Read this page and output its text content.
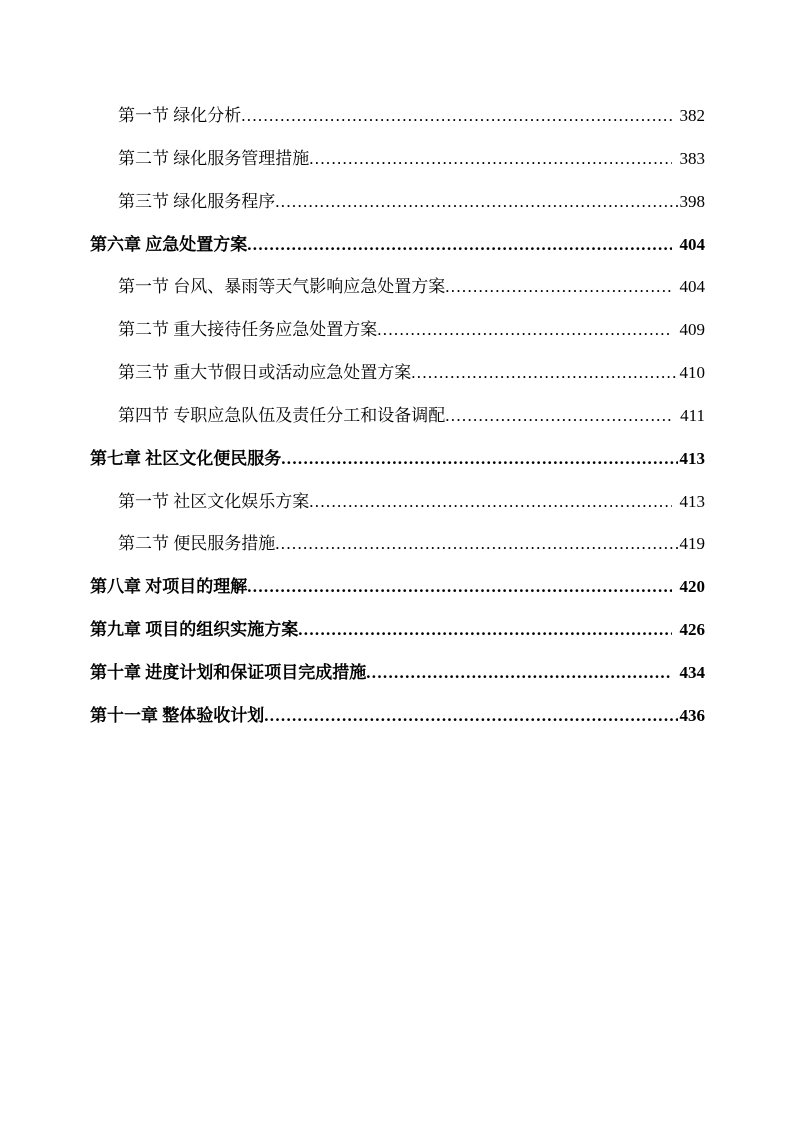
第一节 绿化分析 .....	382
第二节 绿化服务管理措施 .....	383
第三节 绿化服务程序 .....	398
第六章 应急处置方案 .....	404
第一节 台风、暴雨等天气影响应急处置方案 .....	404
第二节 重大接待任务应急处置方案 .....	409
第三节 重大节假日或活动应急处置方案 .....	410
第四节 专职应急队伍及责任分工和设备调配 .....	411
第七章 社区文化便民服务 .....	413
第一节 社区文化娱乐方案 .....	413
第二节 便民服务措施 .....	419
第八章 对项目的理解 .....	420
第九章 项目的组织实施方案 .....	426
第十章 进度计划和保证项目完成措施 .....	434
第十一章 整体验收计划 .....	436
